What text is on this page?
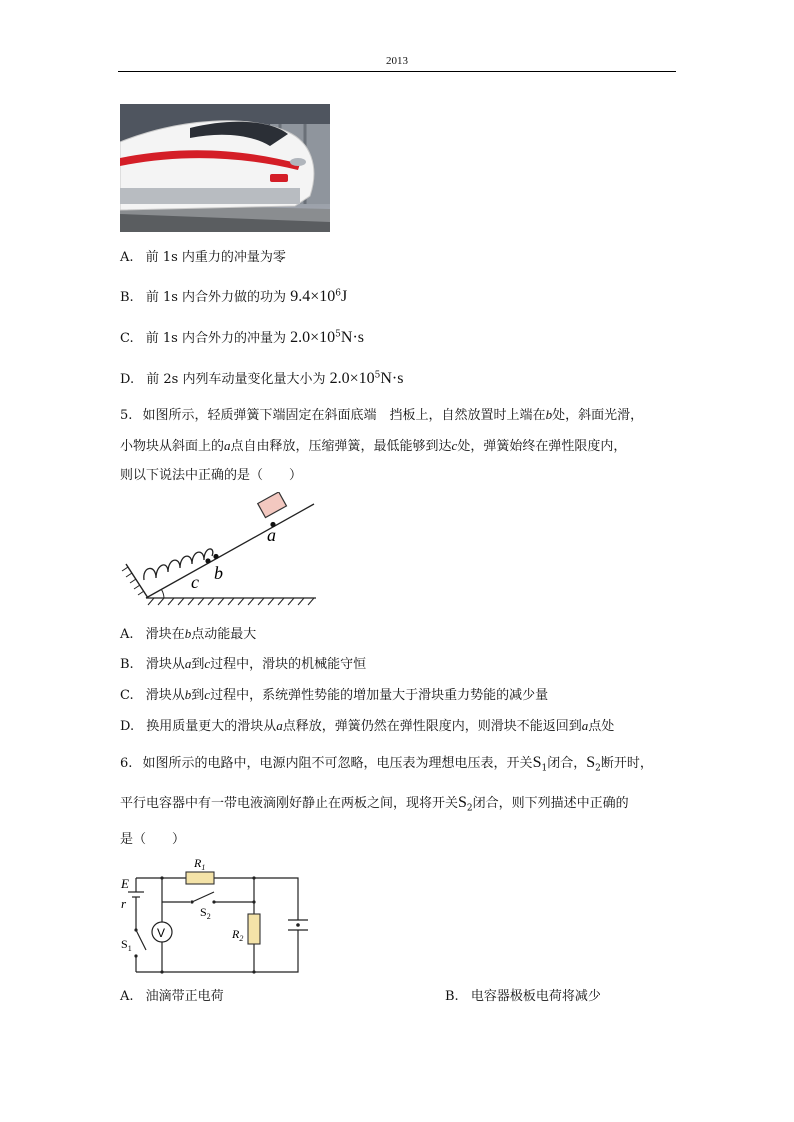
2013
A. 前 1s 内重力的冲量为零
B. 前 1s 内合外力做的功为 $9.4\times 10^6J$
C. 前 1s 内合外力的冲量为 $2.0\times 10^5N\cdot s$
D. 前 2s 内列车动量变化量大小为 $2.0\times 10^5N\cdot s$
5. 如图所示，轻质弹簧下端固定在斜面底端　挡板上，自然放置时上端在b处，斜面光滑，
小物块从斜面上的a点自由释放，压缩弹簧，最低能够到达c处，弹簧始终在弹性限度内，
则以下说法中正确的是（　　）
a
b
c
A. 滑块在b点动能最大
B. 滑块从a到c过程中，滑块的机械能守恒
C. 滑块从b到c过程中，系统弹性势能的增加量大于滑块重力势能的减少量
D. 换用质量更大的滑块从a点释放，弹簧仍然在弹性限度内，则滑块不能返回到a点处
6. 如图所示的电路中，电源内阻不可忽略，电压表为理想电压表，开关$S_1$闭合，$S_2$断开时，
平行电容器中有一带电液滴刚好静止在两板之间，现将开关$S_2$闭合，则下列描述中正确的
是（　　）
V
E
r
$S_1$
$R_1$
$S_2$
$R_2$
A. 油滴带正电荷	B. 电容器极板电荷将减少
